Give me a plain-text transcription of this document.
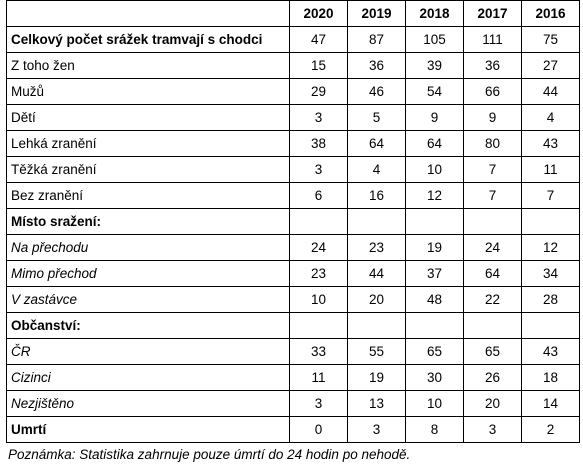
	2020	2019	2018	2017	2016
Celkový počet srážek tramvají s chodci	47	87	105	111	75
Z toho žen	15	36	39	36	27
Mužů	29	46	54	66	44
Dětí	3	5	9	9	4
Lehká zranění	38	64	64	80	43
Těžká zranění	3	4	10	7	11
Bez zranění	6	16	12	7	7
Místo sražení:					
Na přechodu	24	23	19	24	12
Mimo přechod	23	44	37	64	34
V zastávce	10	20	48	22	28
Občanství:					
ČR	33	55	65	65	43
Cizinci	11	19	30	26	18
Nezjištěno	3	13	10	20	14
Umrtí	0	3	8	3	2
Poznámka: Statistika zahrnuje pouze úmrtí do 24 hodin po nehodě.
